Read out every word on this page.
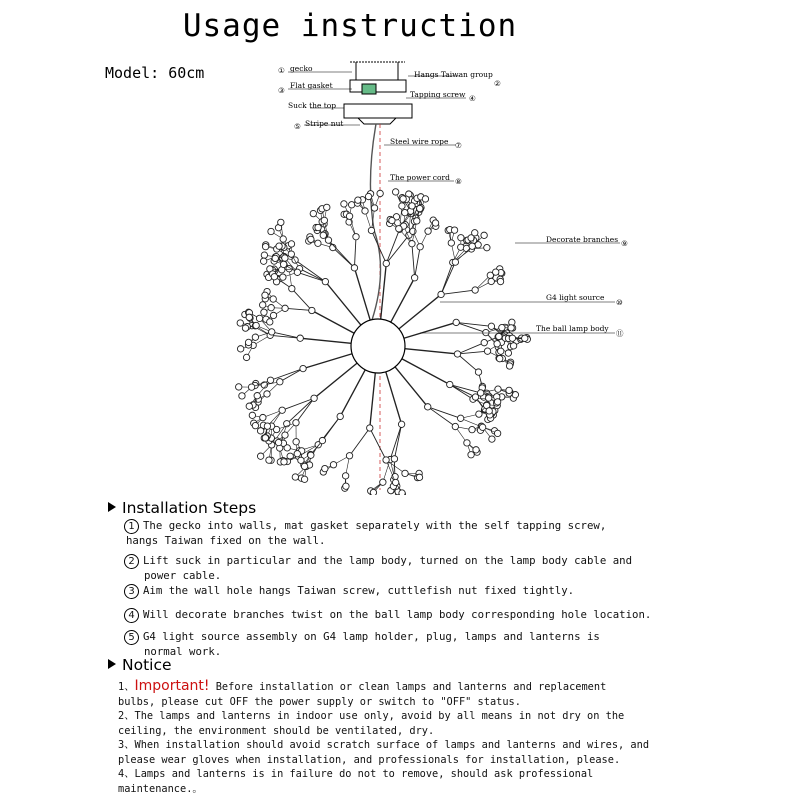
Usage instruction
Model: 60cm	gecko
①	Hangs Taiwan group
②
Flat gasket
③	Tapping screw ④
Suck the top
Stripe nut
⑤
Steel wire rope ⑦
The power cord ⑧
Decorate branches ⑨
G4 light source
⑩
The ball lamp body
⑪
Installation Steps
1 The gecko into walls, mat gasket separately with the self tapping screw,
hangs Taiwan fixed on the wall.
2 Lift suck in particular and the lamp body, turned on the lamp body cable and
power cable.
3 Aim the wall hole hangs Taiwan screw, cuttlefish nut fixed tightly.
4 Will decorate branches twist on the ball lamp body corresponding hole location.
5 G4 light source assembly on G4 lamp holder, plug, lamps and lanterns is
normal work.
Notice
1、Important! Before installation or clean lamps and lanterns and replacement
bulbs, please cut OFF the power supply or switch to "OFF" status.
2、The lamps and lanterns in indoor use only, avoid by all means in not dry on the
ceiling, the environment should be ventilated, dry.
3、When installation should avoid scratch surface of lamps and lanterns and wires, and
please wear gloves when installation, and professionals for installation, please.
4、Lamps and lanterns is in failure do not to remove, should ask professional
maintenance.。
